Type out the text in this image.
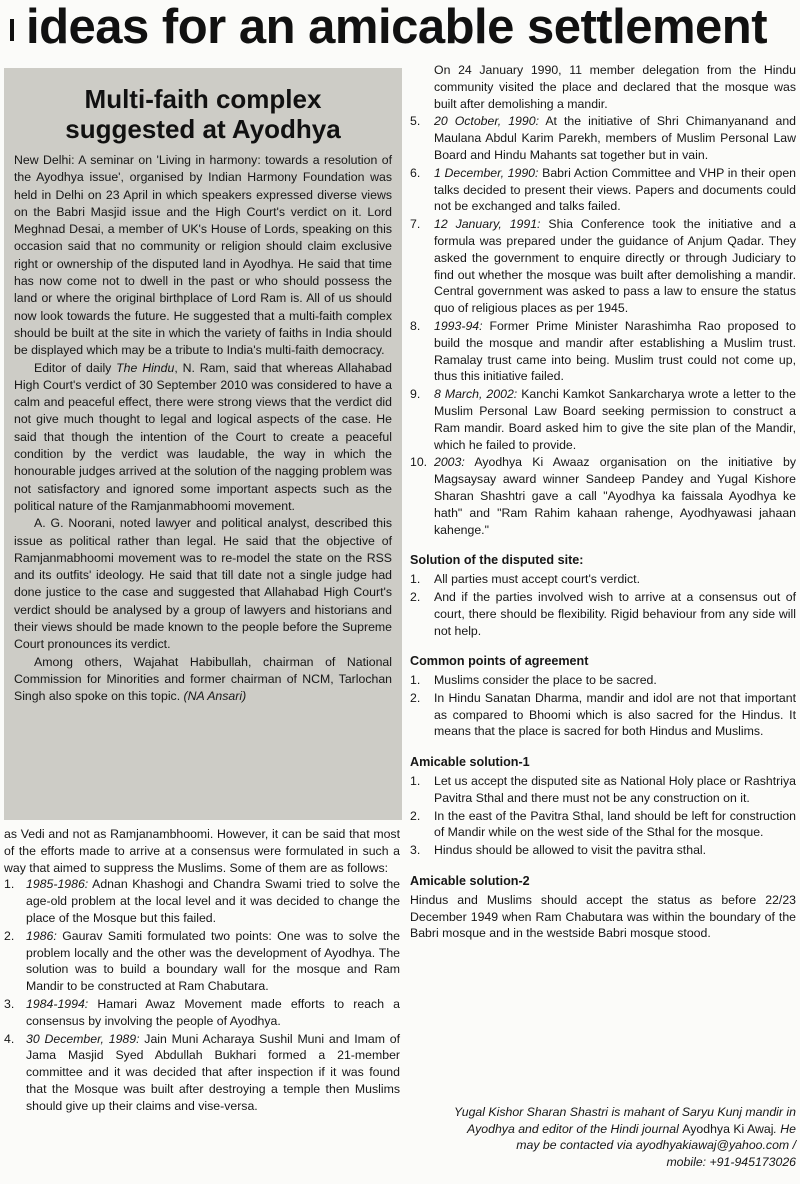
ideas for an amicable settlement
Multi-faith complex
suggested at Ayodhya

New Delhi: A seminar on 'Living in harmony: towards a resolution of the Ayodhya issue', organised by Indian Harmony Foundation was held in Delhi on 23 April in which speakers expressed diverse views on the Babri Masjid issue and the High Court's verdict on it. Lord Meghnad Desai, a member of UK's House of Lords, speaking on this occasion said that no community or religion should claim exclusive right or ownership of the disputed land in Ayodhya. He said that time has now come not to dwell in the past or who should possess the land or where the original birthplace of Lord Ram is. All of us should now look towards the future. He suggested that a multi-faith complex should be built at the site in which the variety of faiths in India should be displayed which may be a tribute to India's multi-faith democracy.

Editor of daily The Hindu, N. Ram, said that whereas Allahabad High Court's verdict of 30 September 2010 was considered to have a calm and peaceful effect, there were strong views that the verdict did not give much thought to legal and logical aspects of the case. He said that though the intention of the Court to create a peaceful condition by the verdict was laudable, the way in which the honourable judges arrived at the solution of the nagging problem was not satisfactory and ignored some important aspects such as the political nature of the Ramjanmabhoomi movement.

A. G. Noorani, noted lawyer and political analyst, described this issue as political rather than legal. He said that the objective of Ramjanmabhoomi movement was to re-model the state on the RSS and its outfits' ideology. He said that till date not a single judge had done justice to the case and suggested that Allahabad High Court's verdict should be analysed by a group of lawyers and historians and their views should be made known to the people before the Supreme Court pronounces its verdict.

Among others, Wajahat Habibullah, chairman of National Commission for Minorities and former chairman of NCM, Tarlochan Singh also spoke on this topic. (NA Ansari)

as Vedi and not as Ramjanambhoomi. However, it can be said that most of the efforts made to arrive at a consensus were formulated in such a way that aimed to suppress the Muslims. Some of them are as follows:

1. 1985-1986: Adnan Khashogi and Chandra Swami tried to solve the age-old problem at the local level and it was decided to change the place of the Mosque but this failed.
2. 1986: Gaurav Samiti formulated two points: One was to solve the problem locally and the other was the development of Ayodhya. The solution was to build a boundary wall for the mosque and Ram Mandir to be constructed at Ram Chabutara.
3. 1984-1994: Hamari Awaz Movement made efforts to reach a consensus by involving the people of Ayodhya.
4. 30 December, 1989: Jain Muni Acharaya Sushil Muni and Imam of Jama Masjid Syed Abdullah Bukhari formed a 21-member committee and it was decided that after inspection if it was found that the Mosque was built after destroying a temple then Muslims should give up their claims and vise-versa.
On 24 January 1990, 11 member delegation from the Hindu community visited the place and declared that the mosque was built after demolishing a mandir.
5.	20 October, 1990: At the initiative of Shri Chimanyanand and Maulana Abdul Karim Parekh, members of Muslim Personal Law Board and Hindu Mahants sat together but in vain.
6.	1 December, 1990: Babri Action Committee and VHP in their open talks decided to present their views. Papers and documents could not be exchanged and talks failed.
7.	12 January, 1991: Shia Conference took the initiative and a formula was prepared under the guidance of Anjum Qadar. They asked the government to enquire directly or through Judiciary to find out whether the mosque was built after demolishing a mandir. Central government was asked to pass a law to ensure the status quo of religious places as per 1945.
8.	1993-94: Former Prime Minister Narashimha Rao proposed to build the mosque and mandir after establishing a Muslim trust. Ramalay trust came into being. Muslim trust could not come up, thus this initiative failed.
9.	8 March, 2002: Kanchi Kamkot Sankarcharya wrote a letter to the Muslim Personal Law Board seeking permission to construct a Ram mandir. Board asked him to give the site plan of the Mandir, which he failed to provide.
10. 2003: Ayodhya Ki Awaaz organisation on the initiative by Magsaysay award winner Sandeep Pandey and Yugal Kishore Sharan Shashtri gave a call "Ayodhya ka faissala Ayodhya ke hath" and "Ram Rahim kahaan rahenge, Ayodhyawasi jahaan kahenge."
Solution of the disputed site:
1.	All parties must accept court's verdict.
2.	And if the parties involved wish to arrive at a consensus out of court, there should be flexibility. Rigid behaviour from any side will not help.
Common points of agreement
1.	Muslims consider the place to be sacred.
2.	In Hindu Sanatan Dharma, mandir and idol are not that important as compared to Bhoomi which is also sacred for the Hindus. It means that the place is sacred for both Hindus and Muslims.
Amicable solution-1
1.	Let us accept the disputed site as National Holy place or Rashtriya Pavitra Sthal and there must not be any construction on it.
2.	In the east of the Pavitra Sthal, land should be left for construction of Mandir while on the west side of the Sthal for the mosque.
3.	Hindus should be allowed to visit the pavitra sthal.
Amicable solution-2

Hindus and Muslims should accept the status as before 22/23 December 1949 when Ram Chabutara was within the boundary of the Babri mosque and in the westside Babri mosque stood.

Yugal Kishor Sharan Shastri is mahant of Saryu Kunj mandir in
Ayodhya and editor of the Hindi journal Ayodhya Ki Awaj. He
may be contacted via ayodhyakiawaj@yahoo.com /
mobile: +91-945173026
